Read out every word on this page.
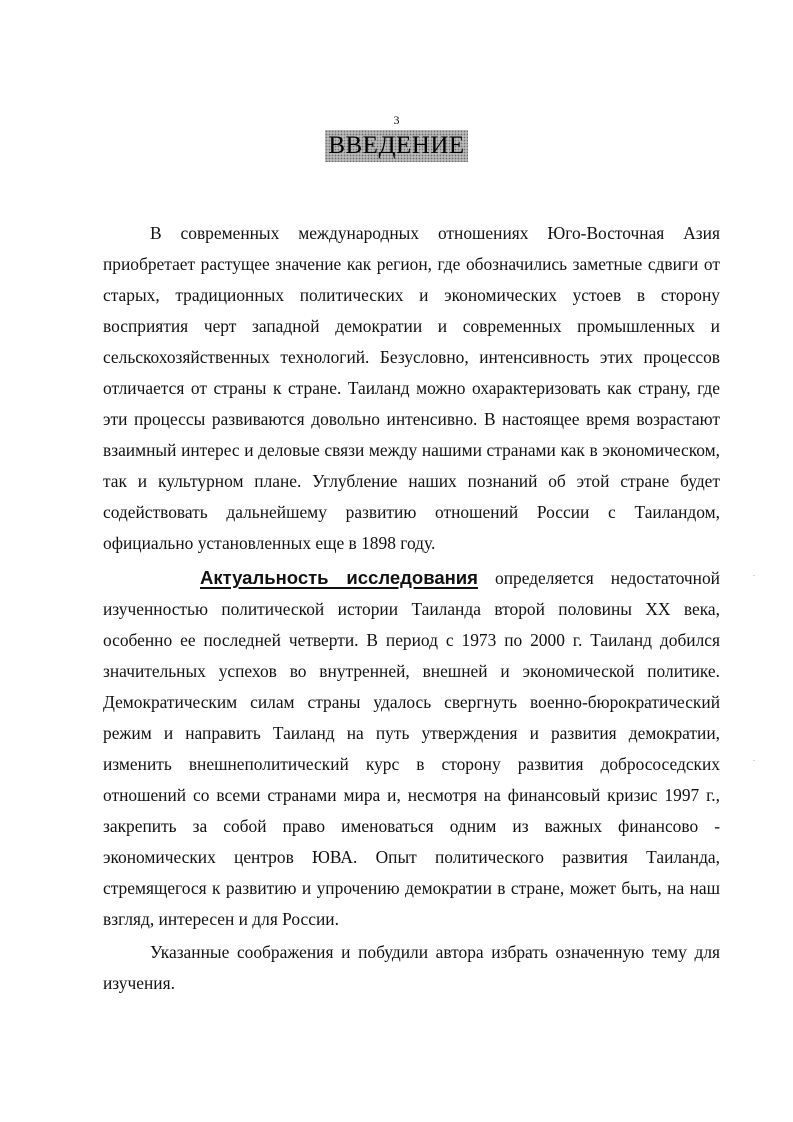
3
ВВЕДЕНИЕ

В современных международных отношениях Юго-Восточная Азия приобретает растущее значение как регион, где обозначились заметные сдвиги от старых, традиционных политических и экономических устоев в сторону восприятия черт западной демократии и современных промышленных и сельскохозяйственных технологий. Безусловно, интенсивность этих процессов отличается от страны к стране. Таиланд можно охарактеризовать как страну, где эти процессы развиваются довольно интенсивно. В настоящее время возрастают взаимный интерес и деловые связи между нашими странами как в экономическом, так и культурном плане. Углубление наших познаний об этой стране будет содействовать дальнейшему развитию отношений России с Таиландом, официально установленных еще в 1898 году.

Актуальность исследования определяется недостаточной изученностью политической истории Таиланда второй половины XX века, особенно ее последней четверти. В период с 1973 по 2000 г. Таиланд добился значительных успехов во внутренней, внешней и экономической политике. Демократическим силам страны удалось свергнуть военно-бюрократический режим и направить Таиланд на путь утверждения и развития демократии, изменить внешнеполитический курс в сторону развития добрососедских отношений со всеми странами мира и, несмотря на финансовый кризис 1997 г., закрепить за собой право именоваться одним из важных финансово - экономических центров ЮВА. Опыт политического развития Таиланда, стремящегося к развитию и упрочению демократии в стране, может быть, на наш взгляд, интересен и для России.

Указанные соображения и побудили автора избрать означенную тему для изучения.
